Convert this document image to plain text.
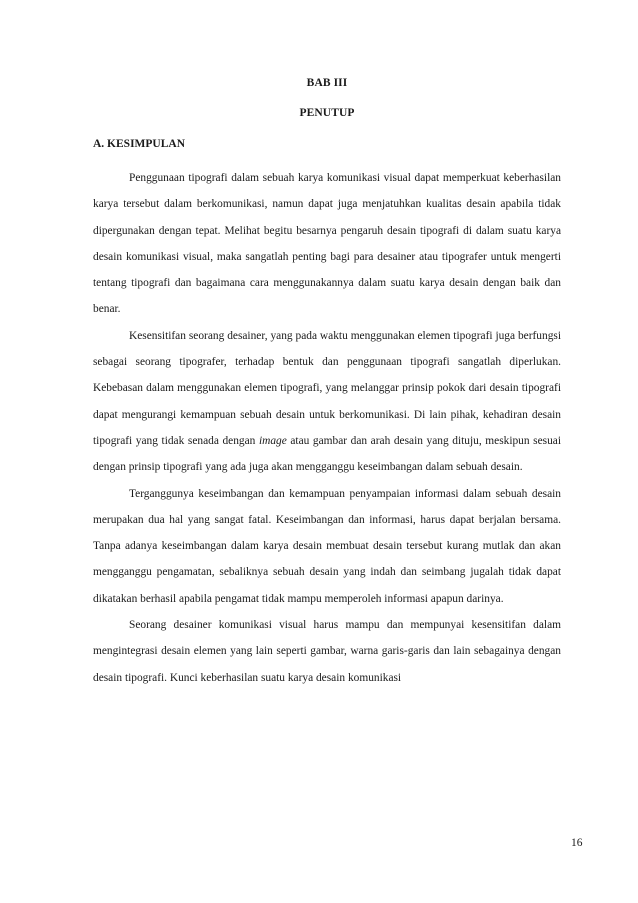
BAB III
PENUTUP
A. KESIMPULAN

Penggunaan tipografi dalam sebuah karya komunikasi visual dapat memperkuat keberhasilan karya tersebut dalam berkomunikasi, namun dapat juga menjatuhkan kualitas desain apabila tidak dipergunakan dengan tepat. Melihat begitu besarnya pengaruh desain tipografi di dalam suatu karya desain komunikasi visual, maka sangatlah penting bagi para desainer atau tipografer untuk mengerti tentang tipografi dan bagaimana cara menggunakannya dalam suatu karya desain dengan baik dan benar.

Kesensitifan seorang desainer, yang pada waktu menggunakan elemen tipografi juga berfungsi sebagai seorang tipografer, terhadap bentuk dan penggunaan tipografi sangatlah diperlukan. Kebebasan dalam menggunakan elemen tipografi, yang melanggar prinsip pokok dari desain tipografi dapat mengurangi kemampuan sebuah desain untuk berkomunikasi. Di lain pihak, kehadiran desain tipografi yang tidak senada dengan image atau gambar dan arah desain yang dituju, meskipun sesuai dengan prinsip tipografi yang ada juga akan mengganggu keseimbangan dalam sebuah desain.

Terganggunya keseimbangan dan kemampuan penyampaian informasi dalam sebuah desain merupakan dua hal yang sangat fatal. Keseimbangan dan informasi, harus dapat berjalan bersama. Tanpa adanya keseimbangan dalam karya desain membuat desain tersebut kurang mutlak dan akan mengganggu pengamatan, sebaliknya sebuah desain yang indah dan seimbang jugalah tidak dapat dikatakan berhasil apabila pengamat tidak mampu memperoleh informasi apapun darinya.

Seorang desainer komunikasi visual harus mampu dan mempunyai kesensitifan dalam mengintegrasi desain elemen yang lain seperti gambar, warna garis-garis dan lain sebagainya dengan desain tipografi. Kunci keberhasilan suatu karya desain komunikasi

16
